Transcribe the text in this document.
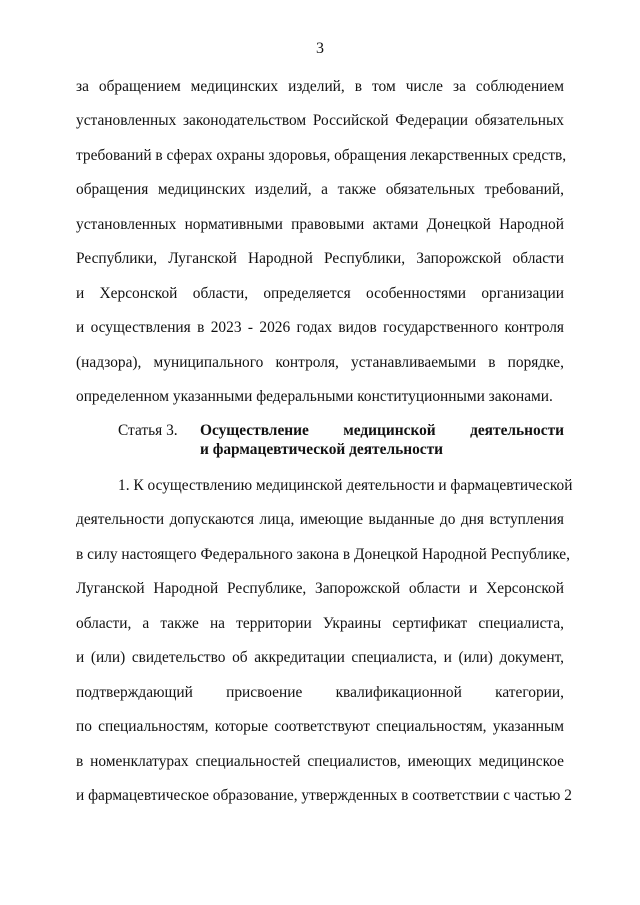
3
за обращением медицинских изделий, в том числе за соблюдением
установленных законодательством Российской Федерации обязательных
требований в сферах охраны здоровья, обращения лекарственных средств,
обращения медицинских изделий, а также обязательных требований,
установленных нормативными правовыми актами Донецкой Народной
Республики, Луганской Народной Республики, Запорожской области
и Херсонской области, определяется особенностями организации
и осуществления в 2023 - 2026 годах видов государственного контроля
(надзора), муниципального контроля, устанавливаемыми в порядке,
определенном указанными федеральными конституционными законами.
Статья 3. Осуществление медицинской деятельности
и фармацевтической деятельности
1. К осуществлению медицинской деятельности и фармацевтической
деятельности допускаются лица, имеющие выданные до дня вступления
в силу настоящего Федерального закона в Донецкой Народной Республике,
Луганской Народной Республике, Запорожской области и Херсонской
области, а также на территории Украины сертификат специалиста,
и (или) свидетельство об аккредитации специалиста, и (или) документ,
подтверждающий присвоение квалификационной категории,
по специальностям, которые соответствуют специальностям, указанным
в номенклатурах специальностей специалистов, имеющих медицинское
и фармацевтическое образование, утвержденных в соответствии с частью 2
